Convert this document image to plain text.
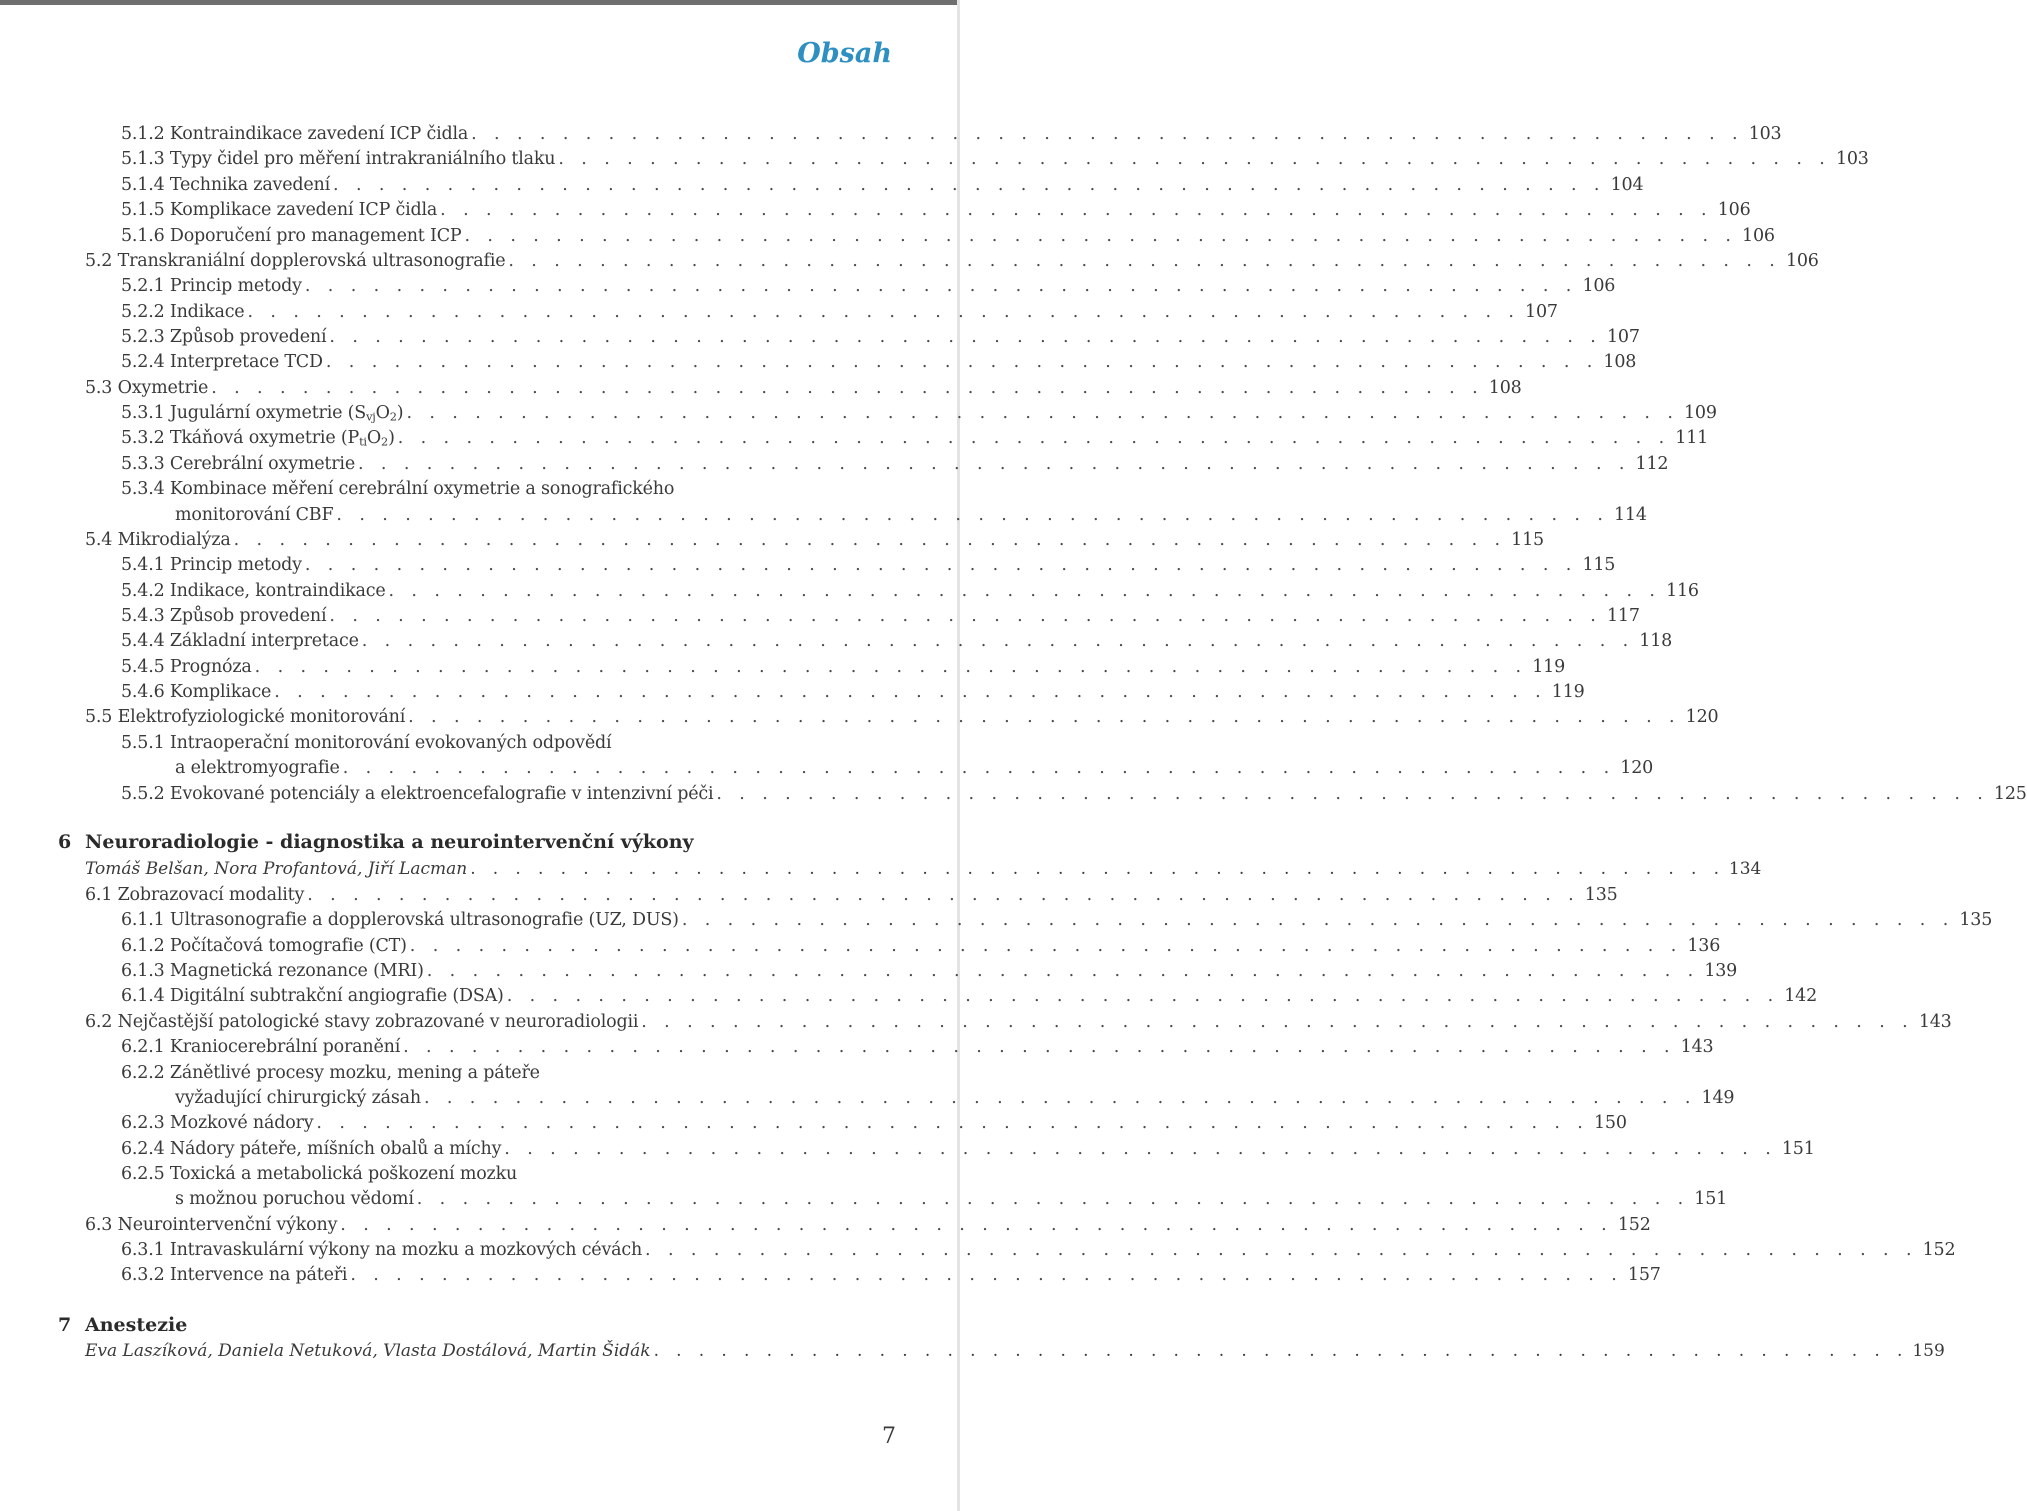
Obsah
5.1.2 Kontraindikace zavedení ICP čidla . . . . . . . . . . . . . . . . . . . . . . . . . . . . . . . . . . . . . . . . . . . . . . . . . . . . . . . . 103
5.1.3 Typy čidel pro měření intrakraniálního tlaku . . . . . . . . . . . . . . . . . . . . . . . . . . . . . . . . . . . . . . . . . . . . . . . . . . . . . . . . 103
5.1.4 Technika zavedení . . . . . . . . . . . . . . . . . . . . . . . . . . . . . . . . . . . . . . . . . . . . . . . . . . . . . . . . 104
5.1.5 Komplikace zavedení ICP čidla . . . . . . . . . . . . . . . . . . . . . . . . . . . . . . . . . . . . . . . . . . . . . . . . . . . . . . . . 106
5.1.6 Doporučení pro management ICP . . . . . . . . . . . . . . . . . . . . . . . . . . . . . . . . . . . . . . . . . . . . . . . . . . . . . . . . 106
5.2 Transkraniální dopplerovská ultrasonografie . . . . . . . . . . . . . . . . . . . . . . . . . . . . . . . . . . . . . . . . . . . . . . . . . . . . . . . . 106
5.2.1 Princip metody . . . . . . . . . . . . . . . . . . . . . . . . . . . . . . . . . . . . . . . . . . . . . . . . . . . . . . . . 106
5.2.2 Indikace . . . . . . . . . . . . . . . . . . . . . . . . . . . . . . . . . . . . . . . . . . . . . . . . . . . . . . . . 107
5.2.3 Způsob provedení . . . . . . . . . . . . . . . . . . . . . . . . . . . . . . . . . . . . . . . . . . . . . . . . . . . . . . . . 107
5.2.4 Interpretace TCD . . . . . . . . . . . . . . . . . . . . . . . . . . . . . . . . . . . . . . . . . . . . . . . . . . . . . . . . 108
5.3 Oxymetrie . . . . . . . . . . . . . . . . . . . . . . . . . . . . . . . . . . . . . . . . . . . . . . . . . . . . . . . . 108
5.3.1 Jugulární oxymetrie $(S_{vj}O_2)$ . . . . . . . . . . . . . . . . . . . . . . . . . . . . . . . . . . . . . . . . . . . . . . . . . . . . . . . . 109
5.3.2 Tkáňová oxymetrie $(P_{ti}O_2)$ . . . . . . . . . . . . . . . . . . . . . . . . . . . . . . . . . . . . . . . . . . . . . . . . . . . . . . . . 111
5.3.3 Cerebrální oxymetrie . . . . . . . . . . . . . . . . . . . . . . . . . . . . . . . . . . . . . . . . . . . . . . . . . . . . . . . . 112
5.3.4 Kombinace měření cerebrální oxymetrie a sonografického
monitorování CBF . . . . . . . . . . . . . . . . . . . . . . . . . . . . . . . . . . . . . . . . . . . . . . . . . . . . . . . . 114
5.4 Mikrodialýza . . . . . . . . . . . . . . . . . . . . . . . . . . . . . . . . . . . . . . . . . . . . . . . . . . . . . . . . 115
5.4.1 Princip metody . . . . . . . . . . . . . . . . . . . . . . . . . . . . . . . . . . . . . . . . . . . . . . . . . . . . . . . . 115
5.4.2 Indikace, kontraindikace . . . . . . . . . . . . . . . . . . . . . . . . . . . . . . . . . . . . . . . . . . . . . . . . . . . . . . . . 116
5.4.3 Způsob provedení . . . . . . . . . . . . . . . . . . . . . . . . . . . . . . . . . . . . . . . . . . . . . . . . . . . . . . . . 117
5.4.4 Základní interpretace . . . . . . . . . . . . . . . . . . . . . . . . . . . . . . . . . . . . . . . . . . . . . . . . . . . . . . . . 118
5.4.5 Prognóza . . . . . . . . . . . . . . . . . . . . . . . . . . . . . . . . . . . . . . . . . . . . . . . . . . . . . . . . 119
5.4.6 Komplikace . . . . . . . . . . . . . . . . . . . . . . . . . . . . . . . . . . . . . . . . . . . . . . . . . . . . . . . . 119
5.5 Elektrofyziologické monitorování . . . . . . . . . . . . . . . . . . . . . . . . . . . . . . . . . . . . . . . . . . . . . . . . . . . . . . . . 120
5.5.1 Intraoperační monitorování evokovaných odpovědí
a elektromyografie . . . . . . . . . . . . . . . . . . . . . . . . . . . . . . . . . . . . . . . . . . . . . . . . . . . . . . . . 120
5.5.2 Evokované potenciály a elektroencefalografie v intenzivní péči . . . . . . . . . . . . . . . . . . . . . . . . . . . . . . . . . . . . . . . . . . . . . . . . . . . . . . . . 125
6 Neuroradiologie - diagnostika a neurointervenční výkony
Tomáš Belšan, Nora Profantová, Jiří Lacman . . . . . . . . . . . . . . . . . . . . . . . . . . . . . . . . . . . . . . . . . . . . . . . . . . . . . . . . 134
6.1 Zobrazovací modality . . . . . . . . . . . . . . . . . . . . . . . . . . . . . . . . . . . . . . . . . . . . . . . . . . . . . . . . 135
6.1.1 Ultrasonografie a dopplerovská ultrasonografie (UZ, DUS) . . . . . . . . . . . . . . . . . . . . . . . . . . . . . . . . . . . . . . . . . . . . . . . . . . . . . . . . 135
6.1.2 Počítačová tomografie (CT) . . . . . . . . . . . . . . . . . . . . . . . . . . . . . . . . . . . . . . . . . . . . . . . . . . . . . . . . 136
6.1.3 Magnetická rezonance (MRI) . . . . . . . . . . . . . . . . . . . . . . . . . . . . . . . . . . . . . . . . . . . . . . . . . . . . . . . . 139
6.1.4 Digitální subtrakční angiografie (DSA) . . . . . . . . . . . . . . . . . . . . . . . . . . . . . . . . . . . . . . . . . . . . . . . . . . . . . . . . 142
6.2 Nejčastější patologické stavy zobrazované v neuroradiologii . . . . . . . . . . . . . . . . . . . . . . . . . . . . . . . . . . . . . . . . . . . . . . . . . . . . . . . . 143
6.2.1 Kraniocerebrální poranění . . . . . . . . . . . . . . . . . . . . . . . . . . . . . . . . . . . . . . . . . . . . . . . . . . . . . . . . 143
6.2.2 Zánětlivé procesy mozku, mening a páteře
vyžadující chirurgický zásah . . . . . . . . . . . . . . . . . . . . . . . . . . . . . . . . . . . . . . . . . . . . . . . . . . . . . . . . 149
6.2.3 Mozkové nádory . . . . . . . . . . . . . . . . . . . . . . . . . . . . . . . . . . . . . . . . . . . . . . . . . . . . . . . . 150
6.2.4 Nádory páteře, míšních obalů a míchy . . . . . . . . . . . . . . . . . . . . . . . . . . . . . . . . . . . . . . . . . . . . . . . . . . . . . . . . 151
6.2.5 Toxická a metabolická poškození mozku
s možnou poruchou vědomí . . . . . . . . . . . . . . . . . . . . . . . . . . . . . . . . . . . . . . . . . . . . . . . . . . . . . . . . 151
6.3 Neurointervenční výkony . . . . . . . . . . . . . . . . . . . . . . . . . . . . . . . . . . . . . . . . . . . . . . . . . . . . . . . . 152
6.3.1 Intravaskulární výkony na mozku a mozkových cévách . . . . . . . . . . . . . . . . . . . . . . . . . . . . . . . . . . . . . . . . . . . . . . . . . . . . . . . . 152
6.3.2 Intervence na páteři . . . . . . . . . . . . . . . . . . . . . . . . . . . . . . . . . . . . . . . . . . . . . . . . . . . . . . . . 157
7 Anestezie
Eva Laszíková, Daniela Netuková, Vlasta Dostálová, Martin Šidák . . . . . . . . . . . . . . . . . . . . . . . . . . . . . . . . . . . . . . . . . . . . . . . . . . . . . . . . 159
7
